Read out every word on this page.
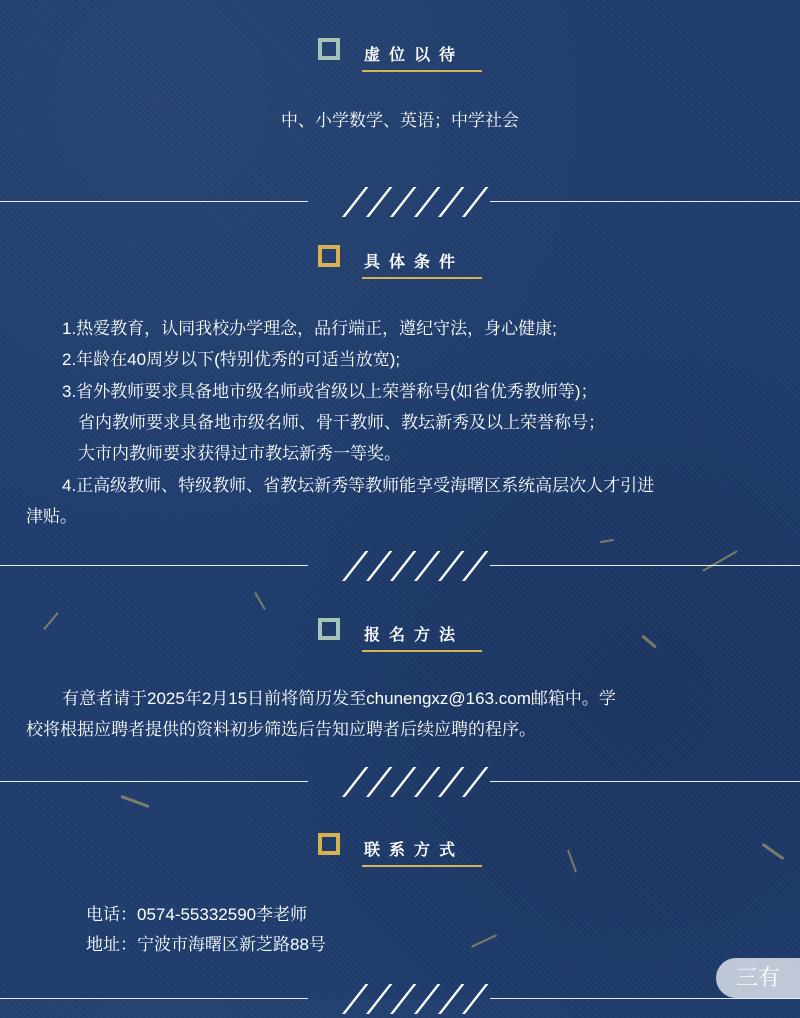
虚位以待
中、小学数学、英语；中学社会
具体条件
1.热爱教育，认同我校办学理念，品行端正，遵纪守法，身心健康;
2.年龄在40周岁以下(特别优秀的可适当放宽);
3.省外教师要求具备地市级名师或省级以上荣誉称号(如省优秀教师等)；
省内教师要求具备地市级名师、骨干教师、教坛新秀及以上荣誉称号；
大市内教师要求获得过市教坛新秀一等奖。
4.正高级教师、特级教师、省教坛新秀等教师能享受海曙区系统高层次人才引进
津贴。
报名方法
有意者请于2025年2月15日前将简历发至chunengxz@163.com邮箱中。学
校将根据应聘者提供的资料初步筛选后告知应聘者后续应聘的程序。
联系方式
电话：0574-55332590李老师
地址：宁波市海曙区新芝路88号
三有
